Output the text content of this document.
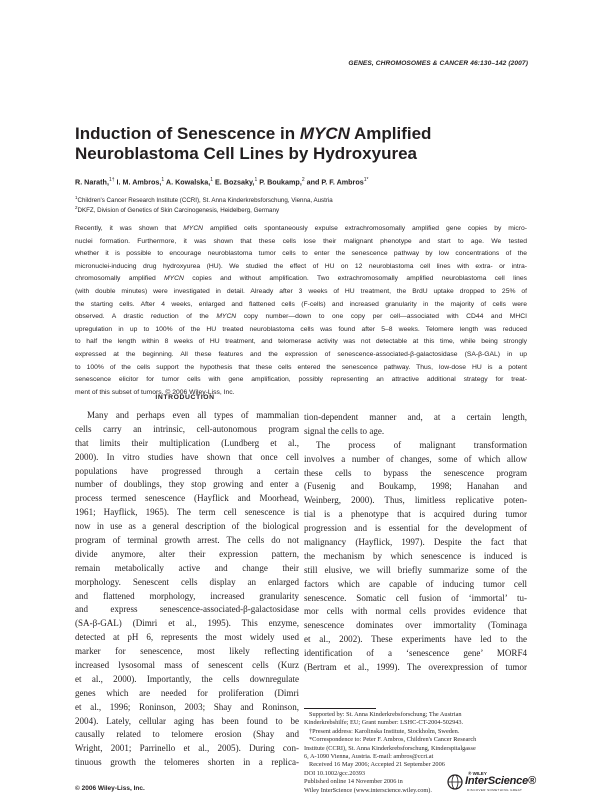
GENES, CHROMOSOMES & CANCER 46:130–142 (2007)
Induction of Senescence in MYCN Amplified
Neuroblastoma Cell Lines by Hydroxyurea
R. Narath,$^{1\dagger}$ I. M. Ambros,$^1$ A. Kowalska,$^1$ E. Bozsaky,$^1$ P. Boukamp,$^2$ and P. F. Ambros$^{1*}$
$^1$Children's Cancer Research Institute (CCRI), St. Anna Kinderkrebsforschung, Vienna, Austria
$^2$DKFZ, Division of Genetics of Skin Carcinogenesis, Heidelberg, Germany
Recently, it was shown that MYCN amplified cells spontaneously expulse extrachromosomally amplified gene copies by micro-
nuclei formation. Furthermore, it was shown that these cells lose their malignant phenotype and start to age. We tested
whether it is possible to encourage neuroblastoma tumor cells to enter the senescence pathway by low concentrations of the
micronuclei-inducing drug hydroxyurea (HU). We studied the effect of HU on 12 neuroblastoma cell lines with extra- or intra-
chromosomally amplified MYCN copies and without amplification. Two extrachromosomally amplified neuroblastoma cell lines
(with double minutes) were investigated in detail. Already after 3 weeks of HU treatment, the BrdU uptake dropped to 25% of
the starting cells. After 4 weeks, enlarged and flattened cells (F-cells) and increased granularity in the majority of cells were
observed. A drastic reduction of the MYCN copy number—down to one copy per cell—associated with CD44 and MHCI
upregulation in up to 100% of the HU treated neuroblastoma cells was found after 5–8 weeks. Telomere length was reduced
to half the length within 8 weeks of HU treatment, and telomerase activity was not detectable at this time, while being strongly
expressed at the beginning. All these features and the expression of senescence-associated-β-galactosidase (SA-β-GAL) in up
to 100% of the cells support the hypothesis that these cells entered the senescence pathway. Thus, low-dose HU is a potent
senescence elicitor for tumor cells with gene amplification, possibly representing an attractive additional strategy for treat-
ment of this subset of tumors. © 2006 Wiley-Liss, Inc.
INTRODUCTION
Many and perhaps even all types of mammalian
cells carry an intrinsic, cell-autonomous program
that limits their multiplication (Lundberg et al.,
2000). In vitro studies have shown that once cell
populations have progressed through a certain
number of doublings, they stop growing and enter a
process termed senescence (Hayflick and Moorhead,
1961; Hayflick, 1965). The term cell senescence is
now in use as a general description of the biological
program of terminal growth arrest. The cells do not
divide anymore, alter their expression pattern,
remain metabolically active and change their
morphology. Senescent cells display an enlarged
and flattened morphology, increased granularity
and express senescence-associated-β-galactosidase
(SA-β-GAL) (Dimri et al., 1995). This enzyme,
detected at pH 6, represents the most widely used
marker for senescence, most likely reflecting
increased lysosomal mass of senescent cells (Kurz
et al., 2000). Importantly, the cells downregulate
genes which are needed for proliferation (Dimri
et al., 1996; Roninson, 2003; Shay and Roninson,
2004). Lately, cellular aging has been found to be
causally related to telomere erosion (Shay and
Wright, 2001; Parrinello et al., 2005). During con-
tinuous growth the telomeres shorten in a replica-
tion-dependent manner and, at a certain length,
signal the cells to age.
The process of malignant transformation
involves a number of changes, some of which allow
these cells to bypass the senescence program
(Fusenig and Boukamp, 1998; Hanahan and
Weinberg, 2000). Thus, limitless replicative poten-
tial is a phenotype that is acquired during tumor
progression and is essential for the development of
malignancy (Hayflick, 1997). Despite the fact that
the mechanism by which senescence is induced is
still elusive, we will briefly summarize some of the
factors which are capable of inducing tumor cell
senescence. Somatic cell fusion of ‘immortal’ tu-
mor cells with normal cells provides evidence that
senescence dominates over immortality (Tominaga
et al., 2002). These experiments have led to the
identification of a ‘senescence gene’ MORF4
(Bertram et al., 1999). The overexpression of tumor
Supported by: St. Anna Kinderkrebsforschung; The Austrian
Kinderkrebshilfe; EU; Grant number: LSHC-CT-2004-502943.
†Present address: Karolinska Institute, Stockholm, Sweden.
*Correspondence to: Peter F. Ambros, Children's Cancer Research
Institute (CCRI), St. Anna Kinderkrebsforschung, Kinderspitalgasse
6, A-1090 Vienna, Austria. E-mail: ambros@ccri.at
Received 16 May 2006; Accepted 21 September 2006
DOI 10.1002/gcc.20393
Published online 14 November 2006 in
Wiley InterScience (www.interscience.wiley.com).
© 2006 Wiley-Liss, Inc.
® WILEY
InterScience®
DISCOVER SOMETHING GREAT
